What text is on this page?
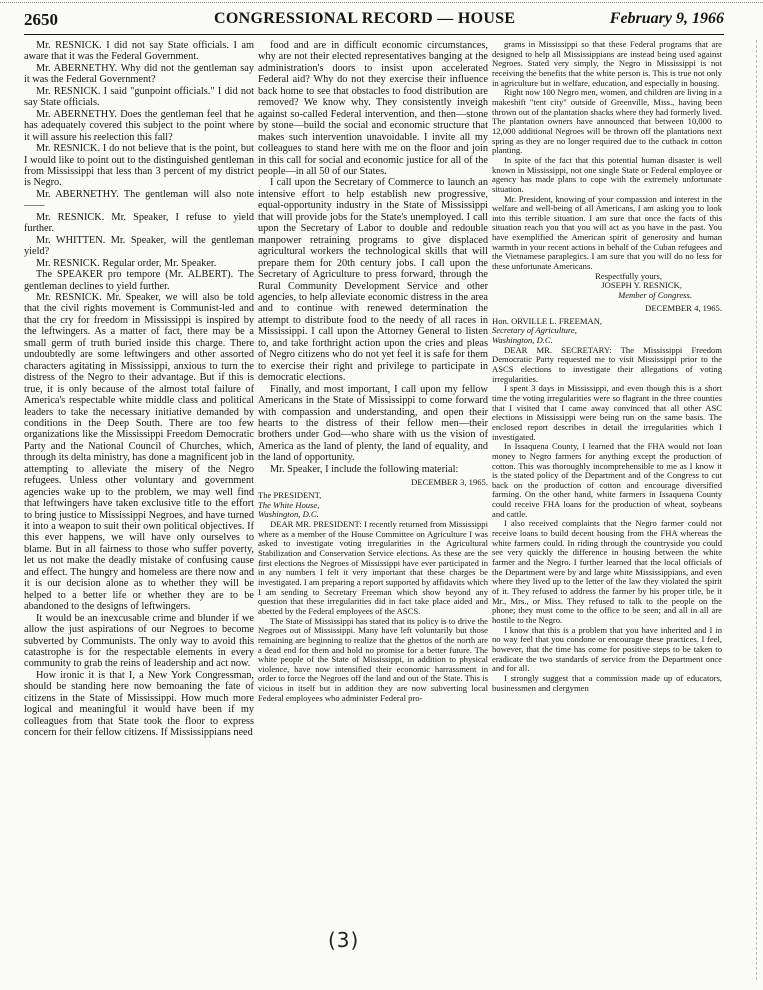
2650	CONGRESSIONAL RECORD — HOUSE	February 9, 1966

Mr. RESNICK. I did not say State officials. I am aware that it was the Federal Government.

Mr. ABERNETHY. Why did not the gentleman say it was the Federal Government?

Mr. RESNICK. I said "gunpoint officials." I did not say State officials.

Mr. ABERNETHY. Does the gentleman feel that he has adequately covered this subject to the point where it will assure his reelection this fall?

Mr. RESNICK. I do not believe that is the point, but I would like to point out to the distinguished gentleman from Mississippi that less than 3 percent of my district is Negro.

Mr. ABERNETHY. The gentleman will also note——

Mr. RESNICK. Mr. Speaker, I refuse to yield further.

Mr. WHITTEN. Mr. Speaker, will the gentleman yield?

Mr. RESNICK. Regular order, Mr. Speaker.

The SPEAKER pro tempore (Mr. ALBERT). The gentleman declines to yield further.

Mr. RESNICK. Mr. Speaker, we will also be told that the civil rights movement is Communist-led and that the cry for freedom in Mississippi is inspired by the leftwingers. As a matter of fact, there may be a small germ of truth buried inside this charge. There undoubtedly are some leftwingers and other assorted characters agitating in Mississippi, anxious to turn the distress of the Negro to their advantage. But if this is true, it is only because of the almost total failure of America's respectable white middle class and political leaders to take the necessary initiative demanded by conditions in the Deep South. There are too few organizations like the Mississippi Freedom Democratic Party and the National Council of Churches, which, through its delta ministry, has done a magnificent job in attempting to alleviate the misery of the Negro refugees. Unless other voluntary and government agencies wake up to the problem, we may well find that leftwingers have taken exclusive title to the effort to bring justice to Mississippi Negroes, and have turned it into a weapon to suit their own political objectives. If this ever happens, we will have only ourselves to blame. But in all fairness to those who suffer poverty, let us not make the deadly mistake of confusing cause and effect. The hungry and homeless are there now and it is our decision alone as to whether they will be helped to a better life or whether they are to be abandoned to the designs of leftwingers.

It would be an inexcusable crime and blunder if we allow the just aspirations of our Negroes to become subverted by Communists. The only way to avoid this catastrophe is for the respectable elements in every community to grab the reins of leadership and act now.

How ironic it is that I, a New York Congressman, should be standing here now bemoaning the fate of citizens in the State of Mississippi. How much more logical and meaningful it would have been if my colleagues from that State took the floor to express concern for their fellow citizens. If Mississippians need

food and are in difficult economic circumstances, why are not their elected representatives banging at the administration's doors to insist upon accelerated Federal aid? Why do not they exercise their influence back home to see that obstacles to food distribution are removed? We know why. They consistently inveigh against so-called Federal intervention, and then—stone by stone—build the social and economic structure that makes such intervention unavoidable. I invite all my colleagues to stand here with me on the floor and join in this call for social and economic justice for all of the people—in all 50 of our States.

I call upon the Secretary of Commerce to launch an intensive effort to help establish new progressive, equal-opportunity industry in the State of Mississippi that will provide jobs for the State's unemployed. I call upon the Secretary of Labor to double and redouble manpower retraining programs to give displaced agricultural workers the technological skills that will prepare them for 20th century jobs. I call upon the Secretary of Agriculture to press forward, through the Rural Community Development Service and other agencies, to help alleviate economic distress in the area and to continue with renewed determination the attempt to distribute food to the needy of all races in Mississippi. I call upon the Attorney General to listen to, and take forthright action upon the cries and pleas of Negro citizens who do not yet feel it is safe for them to exercise their right and privilege to participate in democratic elections.

Finally, and most important, I call upon my fellow Americans in the State of Mississippi to come forward with compassion and understanding, and open their hearts to the distress of their fellow men—their brothers under God—who share with us the vision of America as the land of plenty, the land of equality, and the land of opportunity.

Mr. Speaker, I include the following material:

DECEMBER 3, 1965.

The PRESIDENT,
The White House,
Washington, D.C.

DEAR MR. PRESIDENT: I recently returned from Mississippi where as a member of the House Committee on Agriculture I was asked to investigate voting irregularities in the Agricultural Stabilization and Conservation Service elections. As these are the first elections the Negroes of Mississippi have ever participated in in any numbers I felt it very important that these charges be investigated. I am preparing a report supported by affidavits which I am sending to Secretary Freeman which show beyond any question that these irregularities did in fact take place aided and abetted by the Federal employees of the ASCS.

The State of Mississippi has stated that its policy is to drive the Negroes out of Mississippi. Many have left voluntarily but those remaining are beginning to realize that the ghettos of the north are a dead end for them and hold no promise for a better future. The white people of the State of Mississippi, in addition to physical violence, have now intensified their economic harrassment in order to force the Negroes off the land and out of the State. This is vicious in itself but in addition they are now subverting local Federal employees who administer Federal pro-

grams in Mississippi so that these Federal programs that are designed to help all Mississippians are instead being used against Negroes. Stated very simply, the Negro in Mississippi is not receiving the benefits that the white person is. This is true not only in agriculture but in welfare, education, and especially in housing.

Right now 100 Negro men, women, and children are living in a makeshift "tent city" outside of Greenville, Miss., having been thrown out of the plantation shacks where they had formerly lived. The plantation owners have announced that between 10,000 to 12,000 additional Negroes will be thrown off the plantations next spring as they are no longer required due to the cutback in cotton planting.

In spite of the fact that this potential human disaster is well known in Mississippi, not one single State or Federal employee or agency has made plans to cope with the extremely unfortunate situation.

Mr. President, knowing of your compassion and interest in the welfare and well-being of all Americans, I am asking you to look into this terrible situation. I am sure that once the facts of this situation reach you that you will act as you have in the past. You have exemplified the American spirit of generosity and human warmth in your recent actions in behalf of the Cuban refugees and the Vietnamese paraplegics. I am sure that you will do no less for these unfortunate Americans.

Respectfully yours,

JOSEPH Y. RESNICK,

Member of Congress.

DECEMBER 4, 1965.

Hon. ORVILLE L. FREEMAN,
Secretary of Agriculture,
Washington, D.C.

DEAR MR. SECRETARY: The Mississippi Freedom Democratic Party requested me to visit Mississippi prior to the ASCS elections to investigate their allegations of voting irregularities.

I spent 3 days in Mississippi, and even though this is a short time the voting irregularities were so flagrant in the three counties that I visited that I came away convinced that all other ASC elections in Mississippi were being run on the same basis. The enclosed report describes in detail the irregularities which I investigated.

In Issaquena County, I learned that the FHA would not loan money to Negro farmers for anything except the production of cotton. This was thoroughly incomprehensible to me as I know it is the stated policy of the Department and of the Congress to cut back on the production of cotton and encourage diversified farming. On the other hand, white farmers in Issaquena County could receive FHA loans for the production of wheat, soybeans and cattle.

I also received complaints that the Negro farmer could not receive loans to build decent housing from the FHA whereas the white farmers could. In riding through the countryside you could see very quickly the difference in housing between the white farmer and the Negro. I further learned that the local officials of the Department were by and large white Mississippians, and even where they lived up to the letter of the law they violated the spirit of it. They refused to address the farmer by his proper title, be it Mr., Mrs., or Miss. They refused to talk to the people on the phone; they must come to the office to be seen; and all in all are hostile to the Negro.

I know that this is a problem that you have inherited and I in no way feel that you condone or encourage these practices. I feel, however, that the time has come for positive steps to be taken to eradicate the two standards of service from the Department once and for all.

I strongly suggest that a commission made up of educators, businessmen and clergymen

(3)
